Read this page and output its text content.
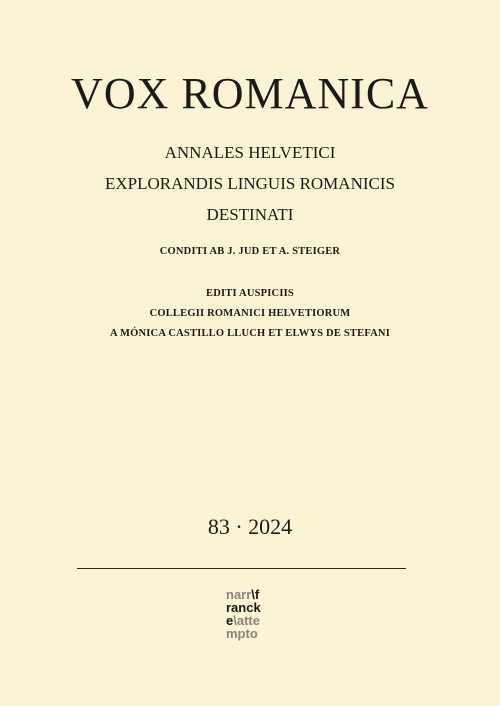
VOX ROMANICA
ANNALES HELVETICI
EXPLORANDIS LINGUIS ROMANICIS
DESTINATI
CONDITI AB J. JUD ET A. STEIGER
EDITI AUSPICIIS
COLLEGII ROMANICI HELVETIORUM
A MÓNICA CASTILLO LLUCH ET ELWYS DE STEFANI
83 · 2024
narr\f
ranck
e\atte
mpto
